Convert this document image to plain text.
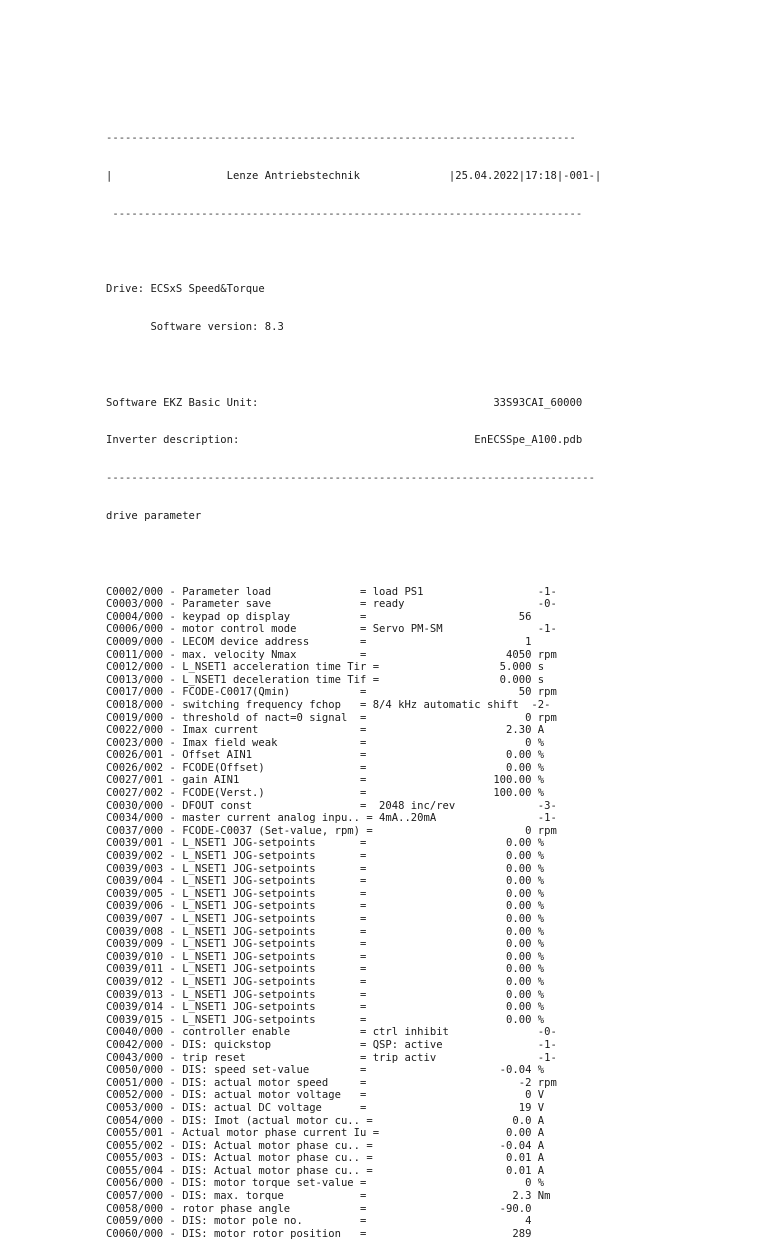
--------------------------------------------------------------------------

|                  Lenze Antriebstechnik              |25.04.2022|17:18|-001-|

--------------------------------------------------------------------------

Drive: ECSxS Speed&Torque

Software version: 8.3

Software EKZ Basic Unit:                                     33S93CAI_60000

Inverter description:                                     EnECSSpe_A100.pdb

-----------------------------------------------------------------------------

drive parameter

C0002/000 - Parameter load              = load PS1                  -1-
C0003/000 - Parameter save              = ready                     -0-
C0004/000 - keypad op display           =                        56
C0006/000 - motor control mode          = Servo PM-SM               -1-
C0009/000 - LECOM device address        =                         1
C0011/000 - max. velocity Nmax          =                      4050 rpm
C0012/000 - L_NSET1 acceleration time Tir =                   5.000 s
C0013/000 - L_NSET1 deceleration time Tif =                   0.000 s
C0017/000 - FCODE-C0017(Qmin)           =                        50 rpm
C0018/000 - switching frequency fchop   = 8/4 kHz automatic shift  -2-
C0019/000 - threshold of nact=0 signal  =                         0 rpm
C0022/000 - Imax current                =                      2.30 A
C0023/000 - Imax field weak             =                         0 %
C0026/001 - Offset AIN1                 =                      0.00 %
C0026/002 - FCODE(Offset)               =                      0.00 %
C0027/001 - gain AIN1                   =                    100.00 %
C0027/002 - FCODE(Verst.)               =                    100.00 %
C0030/000 - DFOUT const                 =  2048 inc/rev             -3-
C0034/000 - master current analog inpu.. = 4mA..20mA                -1-
C0037/000 - FCODE-C0037 (Set-value, rpm) =                        0 rpm
C0039/001 - L_NSET1 JOG-setpoints       =                      0.00 %
C0039/002 - L_NSET1 JOG-setpoints       =                      0.00 %
C0039/003 - L_NSET1 JOG-setpoints       =                      0.00 %
C0039/004 - L_NSET1 JOG-setpoints       =                      0.00 %
C0039/005 - L_NSET1 JOG-setpoints       =                      0.00 %
C0039/006 - L_NSET1 JOG-setpoints       =                      0.00 %
C0039/007 - L_NSET1 JOG-setpoints       =                      0.00 %
C0039/008 - L_NSET1 JOG-setpoints       =                      0.00 %
C0039/009 - L_NSET1 JOG-setpoints       =                      0.00 %
C0039/010 - L_NSET1 JOG-setpoints       =                      0.00 %
C0039/011 - L_NSET1 JOG-setpoints       =                      0.00 %
C0039/012 - L_NSET1 JOG-setpoints       =                      0.00 %
C0039/013 - L_NSET1 JOG-setpoints       =                      0.00 %
C0039/014 - L_NSET1 JOG-setpoints       =                      0.00 %
C0039/015 - L_NSET1 JOG-setpoints       =                      0.00 %
C0040/000 - controller enable           = ctrl inhibit              -0-
C0042/000 - DIS: quickstop              = QSP: active               -1-
C0043/000 - trip reset                  = trip activ                -1-
C0050/000 - DIS: speed set-value        =                     -0.04 %
C0051/000 - DIS: actual motor speed     =                        -2 rpm
C0052/000 - DIS: actual motor voltage   =                         0 V
C0053/000 - DIS: actual DC voltage      =                        19 V
C0054/000 - DIS: Imot (actual motor cu.. =                      0.0 A
C0055/001 - Actual motor phase current Iu =                    0.00 A
C0055/002 - DIS: Actual motor phase cu.. =                    -0.04 A
C0055/003 - DIS: Actual motor phase cu.. =                     0.01 A
C0055/004 - DIS: Actual motor phase cu.. =                     0.01 A
C0056/000 - DIS: motor torque set-value =                         0 %
C0057/000 - DIS: max. torque            =                       2.3 Nm
C0058/000 - rotor phase angle           =                     -90.0
C0059/000 - DIS: motor pole no.         =                         4
C0060/000 - DIS: motor rotor position   =                       289
